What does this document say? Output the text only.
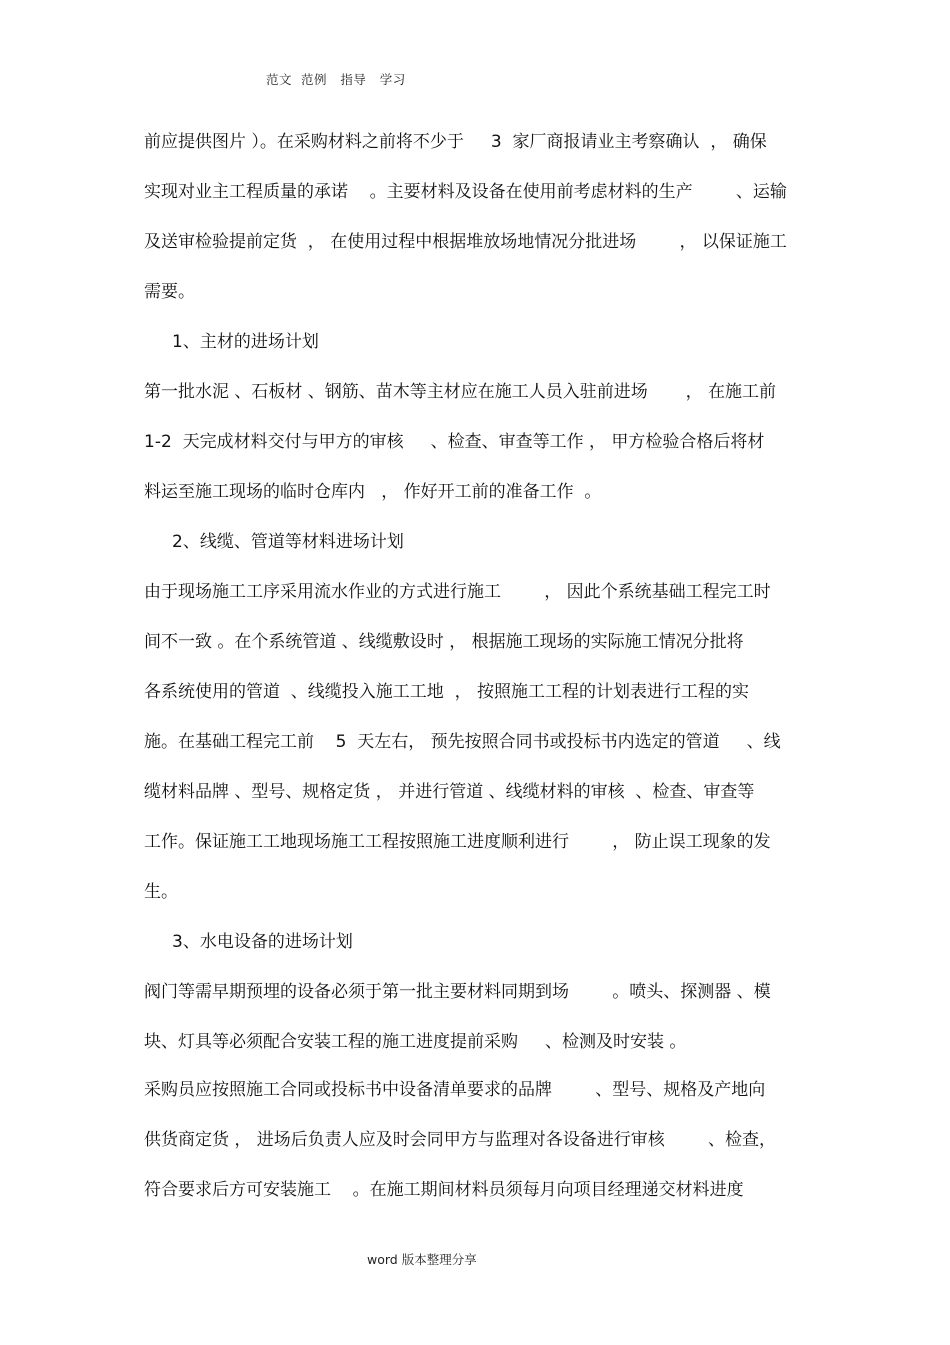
范文  范例   指导   学习
前应提供图片 ）。在采购材料之前将不少于     3  家厂商报请业主考察确认  ， 确保
实现对业主工程质量的承诺    。主要材料及设备在使用前考虑材料的生产        、运输
及送审检验提前定货  ， 在使用过程中根据堆放场地情况分批进场        ， 以保证施工
需要。
1、主材的进场计划
第一批水泥 、石板材 、钢筋、苗木等主材应在施工人员入驻前进场       ， 在施工前
1-2  天完成材料交付与甲方的审核     、检查、审查等工作 ， 甲方检验合格后将材
料运至施工现场的临时仓库内   ， 作好开工前的准备工作  。
2、线缆、管道等材料进场计划
由于现场施工工序采用流水作业的方式进行施工        ， 因此个系统基础工程完工时
间不一致 。在个系统管道 、线缆敷设时 ， 根据施工现场的实际施工情况分批将
各系统使用的管道  、线缆投入施工工地  ， 按照施工工程的计划表进行工程的实
施。在基础工程完工前    5  天左右， 预先按照合同书或投标书内选定的管道     、线
缆材料品牌 、型号、规格定货 ， 并进行管道 、线缆材料的审核  、检查、审查等
工作。保证施工工地现场施工工程按照施工进度顺利进行        ， 防止误工现象的发
生。
3、水电设备的进场计划
阀门等需早期预埋的设备必须于第一批主要材料同期到场        。喷头、探测器 、模
块、灯具等必须配合安装工程的施工进度提前采购     、检测及时安装 。
采购员应按照施工合同或投标书中设备清单要求的品牌        、型号、规格及产地向
供货商定货 ， 进场后负责人应及时会同甲方与监理对各设备进行审核        、检查，
符合要求后方可安装施工    。在施工期间材料员须每月向项目经理递交材料进度
word 版本整理分享
